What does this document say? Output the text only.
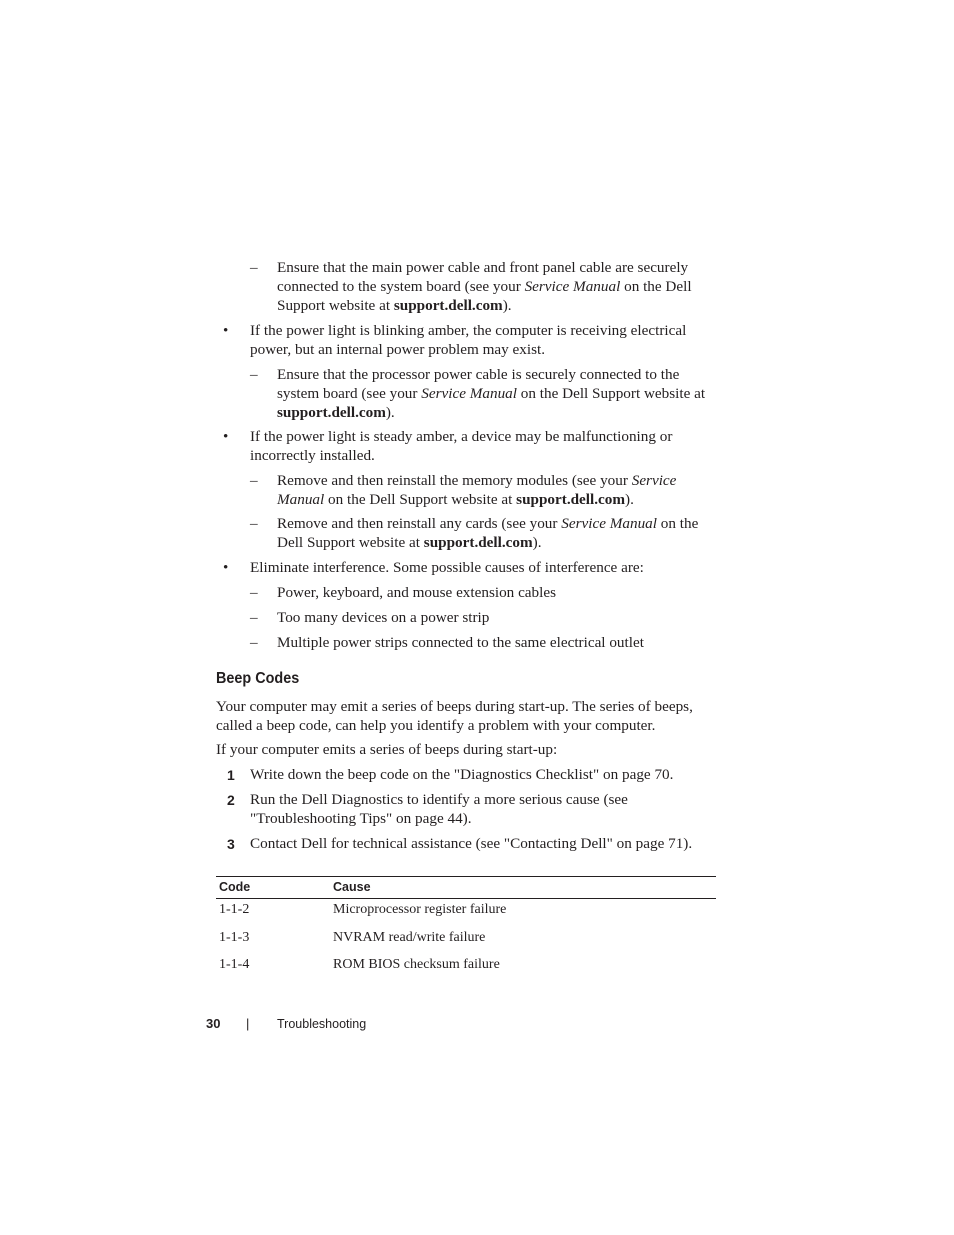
– Ensure that the main power cable and front panel cable are securely connected to the system board (see your Service Manual on the Dell Support website at support.dell.com).
• If the power light is blinking amber, the computer is receiving electrical power, but an internal power problem may exist.
– Ensure that the processor power cable is securely connected to the system board (see your Service Manual on the Dell Support website at support.dell.com).
• If the power light is steady amber, a device may be malfunctioning or incorrectly installed.
– Remove and then reinstall the memory modules (see your Service Manual on the Dell Support website at support.dell.com).
– Remove and then reinstall any cards (see your Service Manual on the Dell Support website at support.dell.com).
• Eliminate interference. Some possible causes of interference are:
– Power, keyboard, and mouse extension cables
– Too many devices on a power strip
– Multiple power strips connected to the same electrical outlet
Beep Codes
Your computer may emit a series of beeps during start-up. The series of beeps, called a beep code, can help you identify a problem with your computer.
If your computer emits a series of beeps during start-up:
1 Write down the beep code on the "Diagnostics Checklist" on page 70.
2 Run the Dell Diagnostics to identify a more serious cause (see "Troubleshooting Tips" on page 44).
3 Contact Dell for technical assistance (see "Contacting Dell" on page 71).
Code	Cause
1-1-2	Microprocessor register failure
1-1-3	NVRAM read/write failure
1-1-4	ROM BIOS checksum failure
30 | Troubleshooting
